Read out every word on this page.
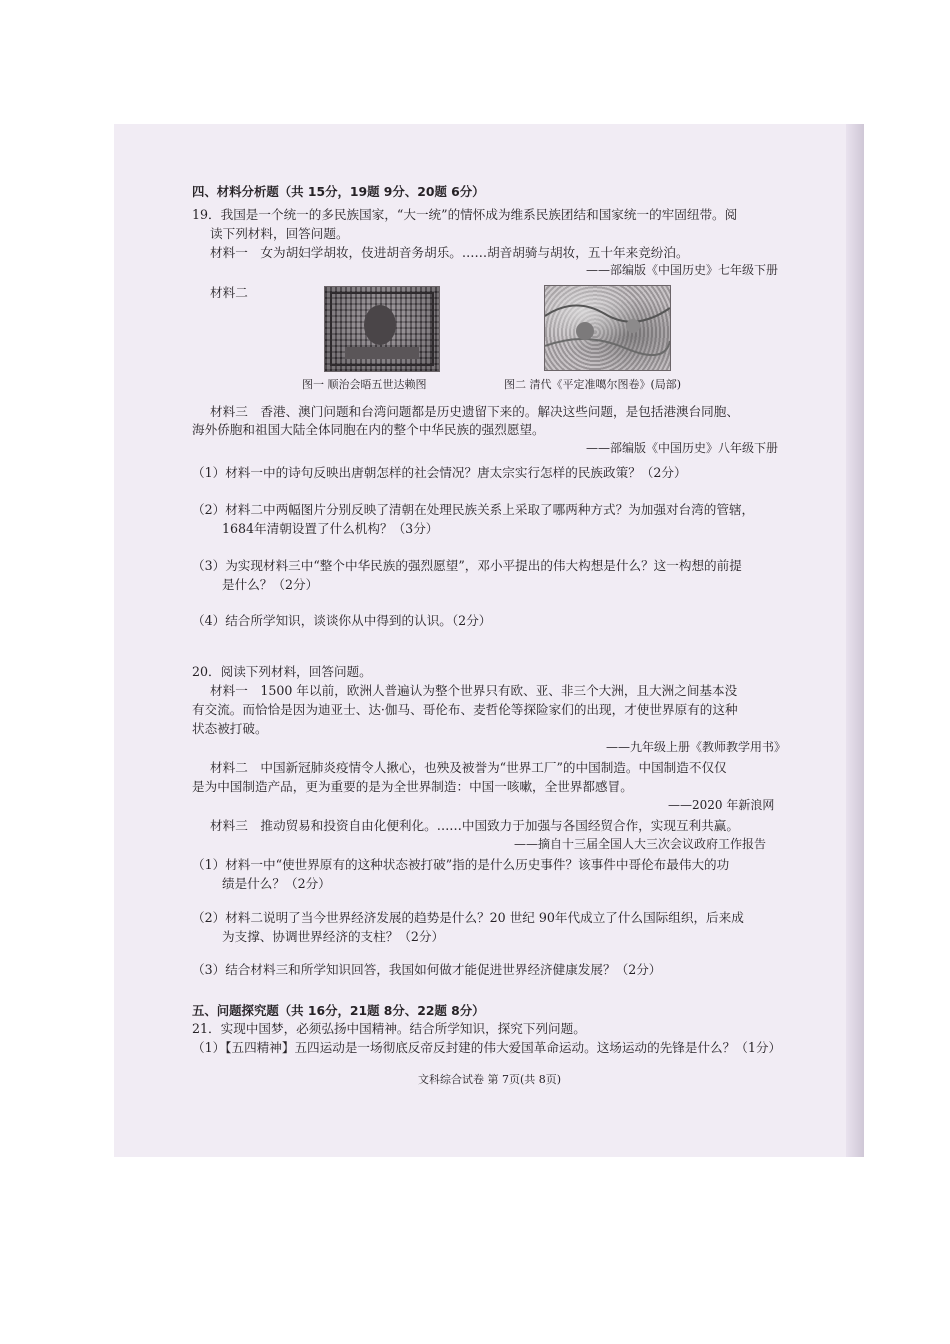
四、材料分析题（共 15分，19题 9分、20题 6分）
19．我国是一个统一的多民族国家，“大一统”的情怀成为维系民族团结和国家统一的牢固纽带。阅
读下列材料，回答问题。
材料一　女为胡妇学胡妆，伎进胡音务胡乐。……胡音胡骑与胡妆，五十年来竞纷泊。
——部编版《中国历史》七年级下册
材料二
图一 顺治会晤五世达赖图	图二 清代《平定准噶尔图卷》(局部)
材料三　香港、澳门问题和台湾问题都是历史遗留下来的。解决这些问题，是包括港澳台同胞、
海外侨胞和祖国大陆全体同胞在内的整个中华民族的强烈愿望。
——部编版《中国历史》八年级下册
（1）材料一中的诗句反映出唐朝怎样的社会情况？唐太宗实行怎样的民族政策？（2分）
（2）材料二中两幅图片分别反映了清朝在处理民族关系上采取了哪两种方式？为加强对台湾的管辖，
1684年清朝设置了什么机构？（3分）
（3）为实现材料三中“整个中华民族的强烈愿望”，邓小平提出的伟大构想是什么？这一构想的前提
是什么？（2分）
（4）结合所学知识，谈谈你从中得到的认识。（2分）
20．阅读下列材料，回答问题。
材料一　1500 年以前，欧洲人普遍认为整个世界只有欧、亚、非三个大洲，且大洲之间基本没
有交流。而恰恰是因为迪亚士、达·伽马、哥伦布、麦哲伦等探险家们的出现，才使世界原有的这种
状态被打破。
——九年级上册《教师教学用书》
材料二　中国新冠肺炎疫情令人揪心，也殃及被誉为“世界工厂”的中国制造。中国制造不仅仅
是为中国制造产品，更为重要的是为全世界制造：中国一咳嗽，全世界都感冒。
——2020 年新浪网
材料三　推动贸易和投资自由化便利化。……中国致力于加强与各国经贸合作，实现互利共赢。
——摘自十三届全国人大三次会议政府工作报告
（1）材料一中“使世界原有的这种状态被打破”指的是什么历史事件？该事件中哥伦布最伟大的功
绩是什么？（2分）
（2）材料二说明了当今世界经济发展的趋势是什么？20 世纪 90年代成立了什么国际组织，后来成
为支撑、协调世界经济的支柱？（2分）
（3）结合材料三和所学知识回答，我国如何做才能促进世界经济健康发展？（2分）
五、问题探究题（共 16分，21题 8分、22题 8分）
21．实现中国梦，必须弘扬中国精神。结合所学知识，探究下列问题。
（1）【五四精神】五四运动是一场彻底反帝反封建的伟大爱国革命运动。这场运动的先锋是什么？（1分）
文科综合试卷 第 7页(共 8页)
